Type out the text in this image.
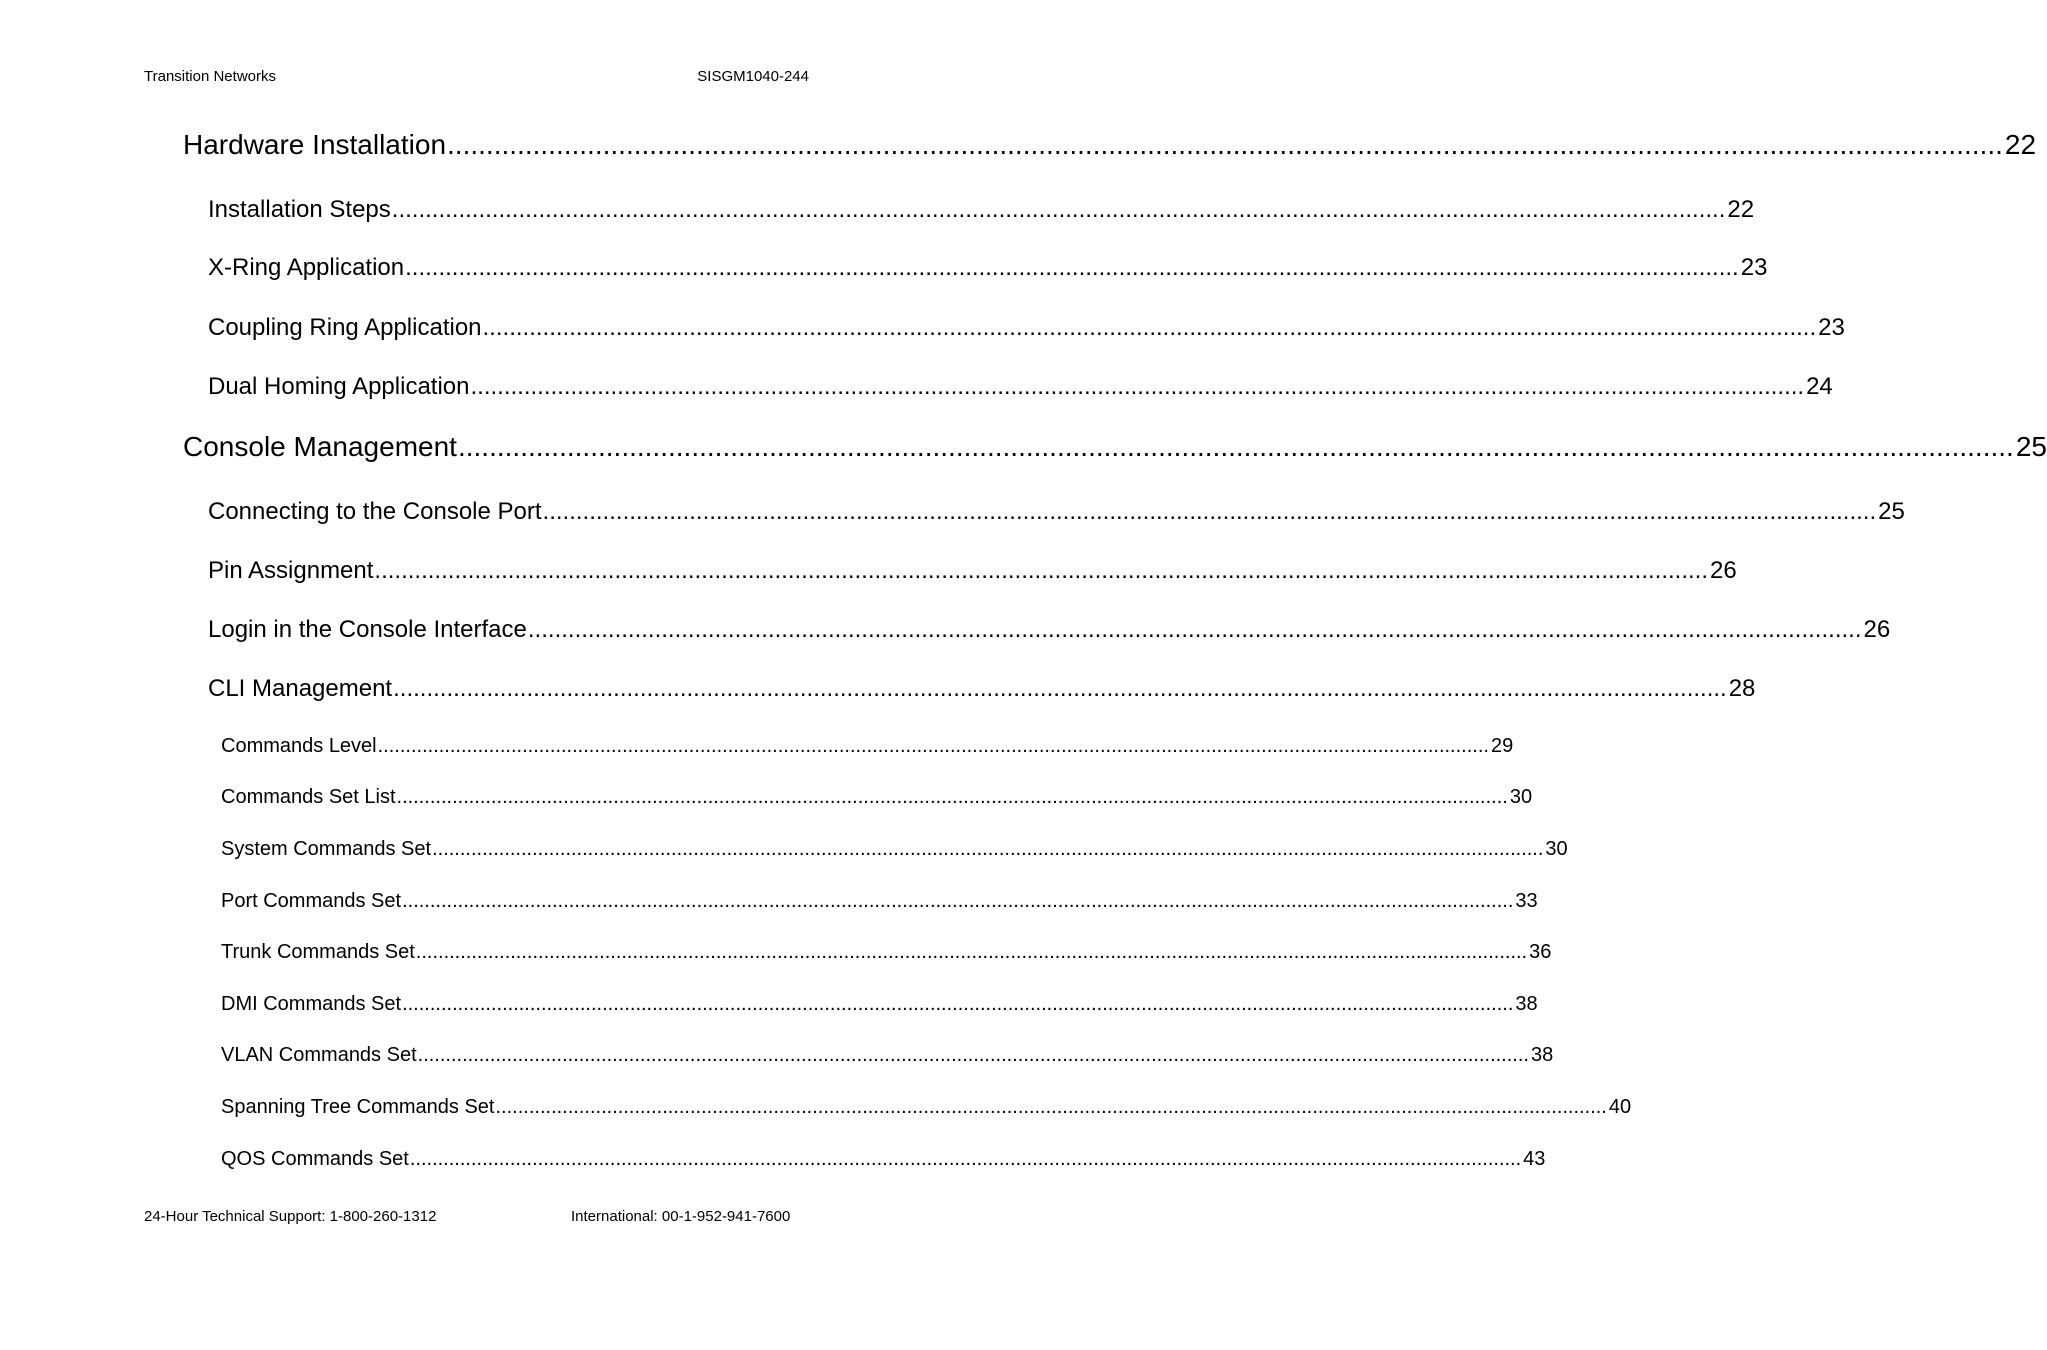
Transition Networks	SISGM1040-244
Hardware Installation ........................................................................................................................................................................................................ 22
Installation Steps ........................................................................................................................................................................................................ 22
X-Ring Application ........................................................................................................................................................................................................ 23
Coupling Ring Application ........................................................................................................................................................................................................ 23
Dual Homing Application ........................................................................................................................................................................................................ 24
Console Management ........................................................................................................................................................................................................ 25
Connecting to the Console Port ........................................................................................................................................................................................................ 25
Pin Assignment ........................................................................................................................................................................................................ 26
Login in the Console Interface ........................................................................................................................................................................................................ 26
CLI Management ........................................................................................................................................................................................................ 28
Commands Level ........................................................................................................................................................................................................ 29
Commands Set List ........................................................................................................................................................................................................ 30
System Commands Set ........................................................................................................................................................................................................ 30
Port Commands Set ........................................................................................................................................................................................................ 33
Trunk Commands Set ........................................................................................................................................................................................................ 36
DMI Commands Set ........................................................................................................................................................................................................ 38
VLAN Commands Set ........................................................................................................................................................................................................ 38
Spanning Tree Commands Set ........................................................................................................................................................................................................ 40
QOS Commands Set ........................................................................................................................................................................................................ 43
24-Hour Technical Support: 1-800-260-1312	International: 00-1-952-941-7600
